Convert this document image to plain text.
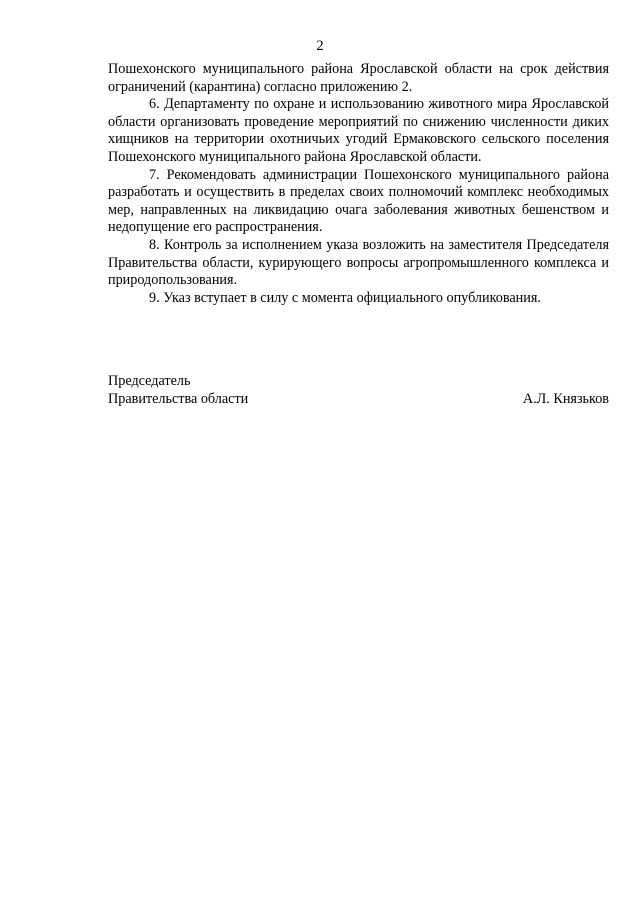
2

Пошехонского муниципального района Ярославской области на срок действия ограничений (карантина) согласно приложению 2.

6. Департаменту по охране и использованию животного мира Ярославской области организовать проведение мероприятий по снижению численности диких хищников на территории охотничьих угодий Ермаковского сельского поселения Пошехонского муниципального района Ярославской области.

7. Рекомендовать администрации Пошехонского муниципального района разработать и осуществить в пределах своих полномочий комплекс необходимых мер, направленных на ликвидацию очага заболевания животных бешенством и недопущение его распространения.

8. Контроль за исполнением указа возложить на заместителя Председателя Правительства области, курирующего вопросы агропромышленного комплекса и природопользования.

9. Указ вступает в силу с момента официального опубликования.

Председатель
Правительства области	А.Л. Князьков
